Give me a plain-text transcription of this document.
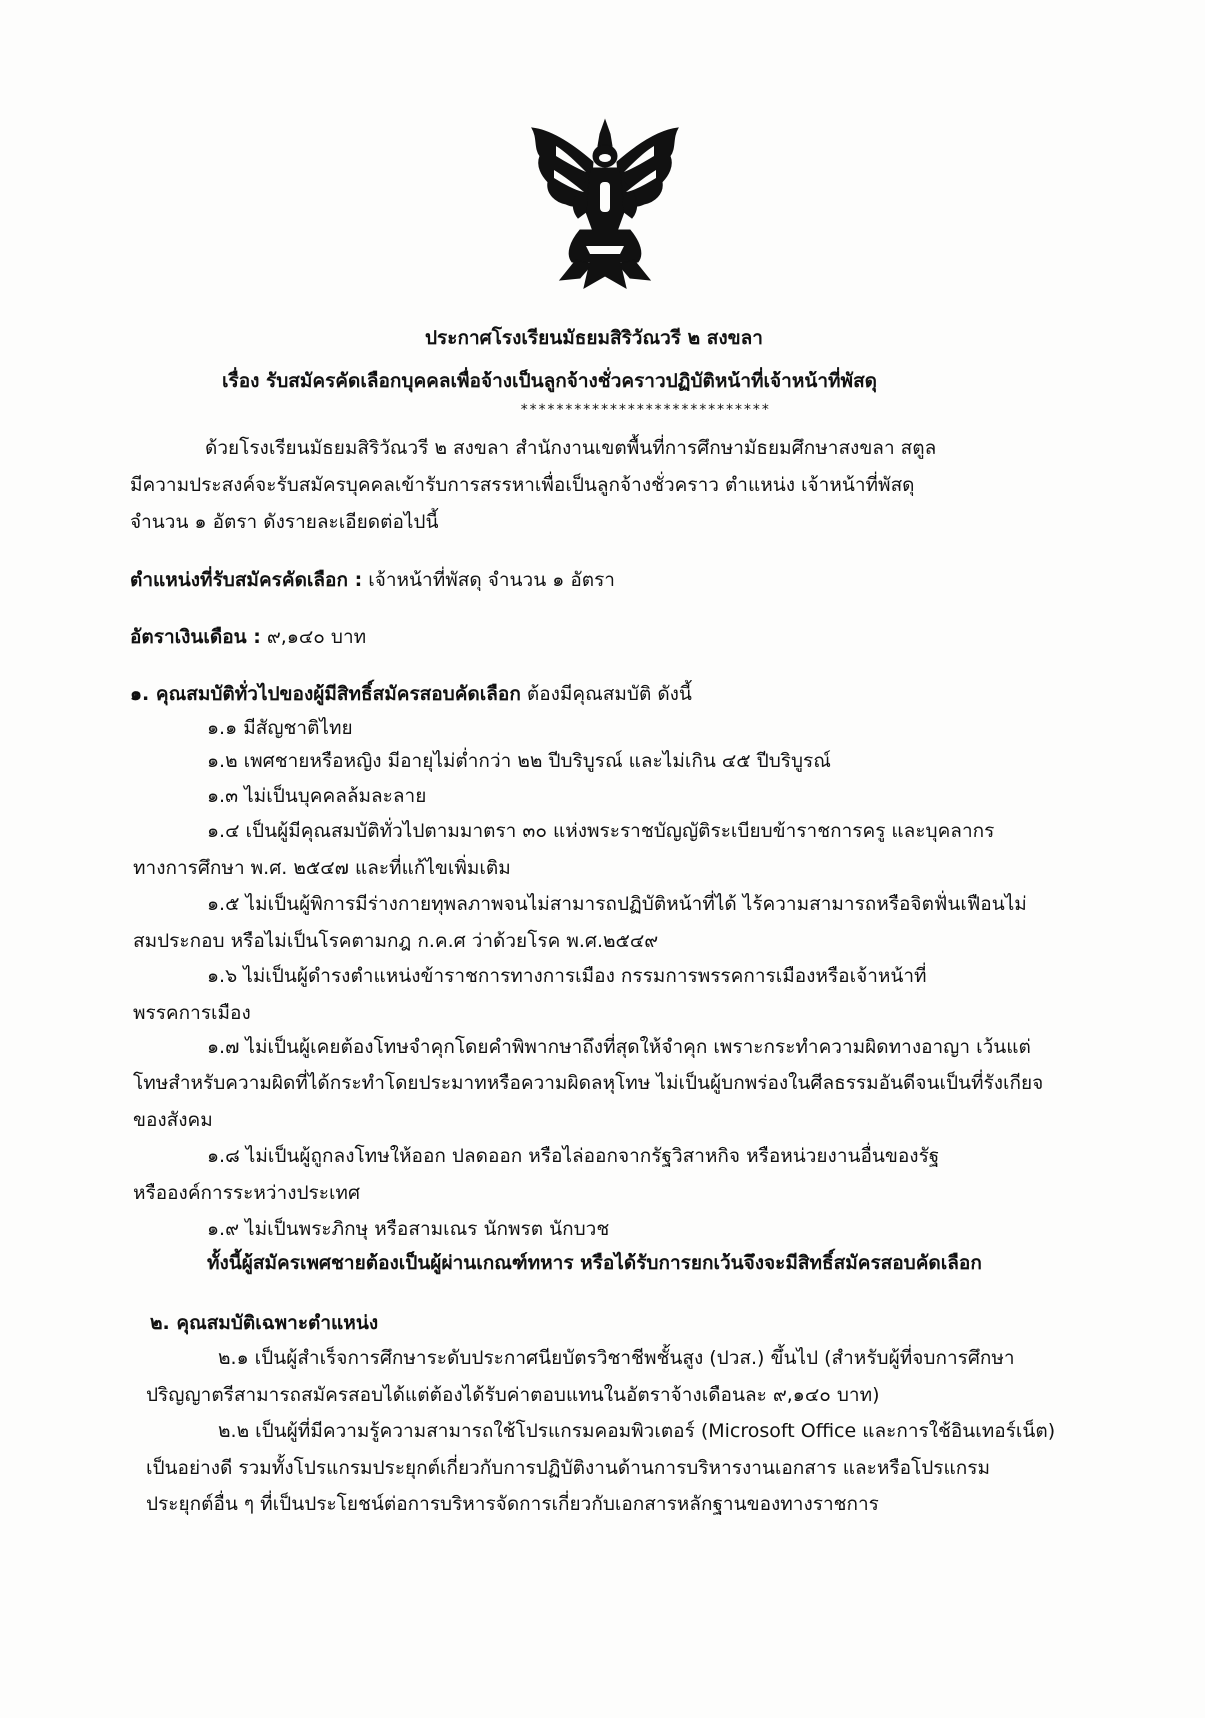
ประกาศโรงเรียนมัธยมสิริวัณวรี ๒ สงขลา

เรื่อง รับสมัครคัดเลือกบุคคลเพื่อจ้างเป็นลูกจ้างชั่วคราวปฏิบัติหน้าที่เจ้าหน้าที่พัสดุ

****************************

ด้วยโรงเรียนมัธยมสิริวัณวรี ๒ สงขลา สำนักงานเขตพื้นที่การศึกษามัธยมศึกษาสงขลา สตูล

มีความประสงค์จะรับสมัครบุคคลเข้ารับการสรรหาเพื่อเป็นลูกจ้างชั่วคราว ตำแหน่ง เจ้าหน้าที่พัสดุ

จำนวน ๑ อัตรา ดังรายละเอียดต่อไปนี้

ตำแหน่งที่รับสมัครคัดเลือก : เจ้าหน้าที่พัสดุ จำนวน ๑ อัตรา

อัตราเงินเดือน : ๙,๑๔๐ บาท

๑. คุณสมบัติทั่วไปของผู้มีสิทธิ์สมัครสอบคัดเลือก ต้องมีคุณสมบัติ ดังนี้

๑.๑ มีสัญชาติไทย

๑.๒ เพศชายหรือหญิง มีอายุไม่ต่ำกว่า ๒๒ ปีบริบูรณ์ และไม่เกิน ๔๕ ปีบริบูรณ์

๑.๓ ไม่เป็นบุคคลล้มละลาย

๑.๔ เป็นผู้มีคุณสมบัติทั่วไปตามมาตรา ๓๐ แห่งพระราชบัญญัติระเบียบข้าราชการครู และบุคลากร

ทางการศึกษา พ.ศ. ๒๕๔๗ และที่แก้ไขเพิ่มเติม

๑.๕ ไม่เป็นผู้พิการมีร่างกายทุพลภาพจนไม่สามารถปฏิบัติหน้าที่ได้ ไร้ความสามารถหรือจิตฟั่นเฟือนไม่

สมประกอบ หรือไม่เป็นโรคตามกฎ ก.ค.ศ ว่าด้วยโรค พ.ศ.๒๕๔๙

๑.๖ ไม่เป็นผู้ดำรงตำแหน่งข้าราชการทางการเมือง กรรมการพรรคการเมืองหรือเจ้าหน้าที่

พรรคการเมือง

๑.๗ ไม่เป็นผู้เคยต้องโทษจำคุกโดยคำพิพากษาถึงที่สุดให้จำคุก เพราะกระทำความผิดทางอาญา เว้นแต่

โทษสำหรับความผิดที่ได้กระทำโดยประมาทหรือความผิดลหุโทษ ไม่เป็นผู้บกพร่องในศีลธรรมอันดีจนเป็นที่รังเกียจ

ของสังคม

๑.๘ ไม่เป็นผู้ถูกลงโทษให้ออก ปลดออก หรือไล่ออกจากรัฐวิสาหกิจ หรือหน่วยงานอื่นของรัฐ

หรือองค์การระหว่างประเทศ

๑.๙ ไม่เป็นพระภิกษุ หรือสามเณร นักพรต นักบวช

ทั้งนี้ผู้สมัครเพศชายต้องเป็นผู้ผ่านเกณฑ์ทหาร หรือได้รับการยกเว้นจึงจะมีสิทธิ์สมัครสอบคัดเลือก

๒. คุณสมบัติเฉพาะตำแหน่ง

๒.๑ เป็นผู้สำเร็จการศึกษาระดับประกาศนียบัตรวิชาชีพชั้นสูง (ปวส.) ขึ้นไป (สำหรับผู้ที่จบการศึกษา

ปริญญาตรีสามารถสมัครสอบได้แต่ต้องได้รับค่าตอบแทนในอัตราจ้างเดือนละ ๙,๑๔๐ บาท)

๒.๒ เป็นผู้ที่มีความรู้ความสามารถใช้โปรแกรมคอมพิวเตอร์ (Microsoft Office และการใช้อินเทอร์เน็ต)

เป็นอย่างดี รวมทั้งโปรแกรมประยุกต์เกี่ยวกับการปฏิบัติงานด้านการบริหารงานเอกสาร และหรือโปรแกรม

ประยุกต์อื่น ๆ ที่เป็นประโยชน์ต่อการบริหารจัดการเกี่ยวกับเอกสารหลักฐานของทางราชการ
